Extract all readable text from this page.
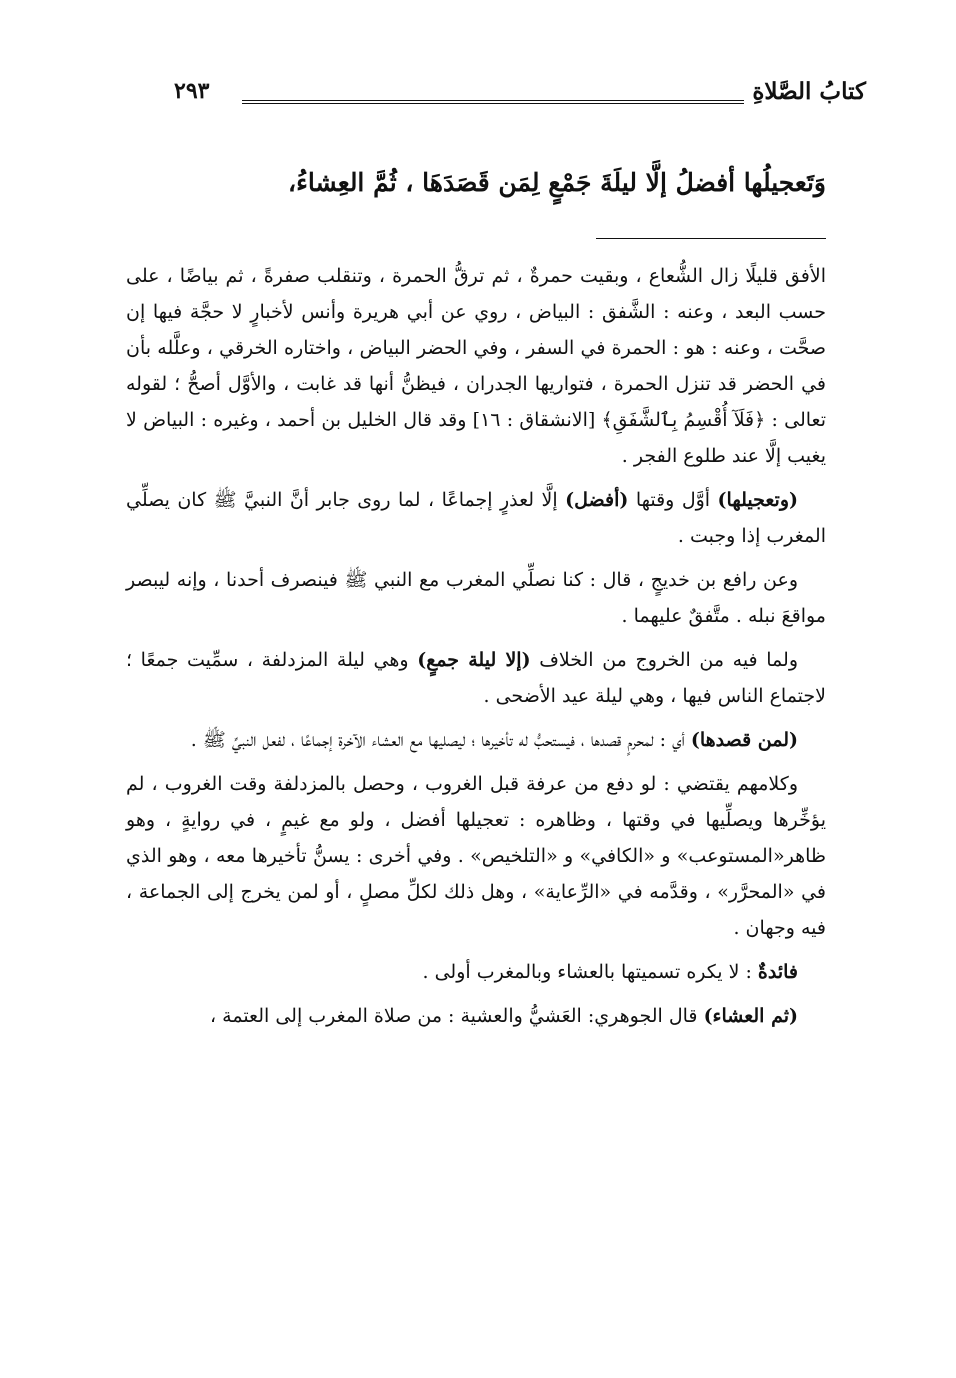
كتابُ الصَّلاةِ
٢٩٣
وَتَعجيلُها أفضلُ إلَّا ليلَةَ جَمْعٍ لِمَن قَصَدَهَا ، ثُمَّ العِشاءُ،

الأفق قليلًا زال الشُّعاع ، وبقيت حمرةٌ ، ثم ترقُّ الحمرة ، وتنقلب صفرةً ، ثم بياضًا ، على حسب البعد ، وعنه : الشَّفق : البياض ، روي عن أبي هريرة وأنس لأخبارٍ لا حجَّة فيها إن صحَّت ، وعنه : هو : الحمرة في السفر ، وفي الحضر البياض ، واختاره الخرقي ، وعلَّله بأن في الحضر قد تنزل الحمرة ، فتواريها الجدران ، فيظنُّ أنها قد غابت ، والأوَّل أصحُّ ؛ لقوله تعالى : ﴿فَلَآ أُقْسِمُ بِٱلشَّفَقِ﴾ [الانشقاق : ١٦] وقد قال الخليل بن أحمد ، وغيره : البياض لا يغيب إلَّا عند طلوع الفجر .

(وتعجيلها) أوَّل وقتها (أفضل) إلَّا لعذرٍ إجماعًا ، لما روى جابر أنَّ النبيَّ ﷺ كان يصلِّي المغرب إذا وجبت .

وعن رافع بن خديجٍ ، قال : كنا نصلِّي المغرب مع النبي ﷺ فينصرف أحدنا ، وإنه ليبصر مواقعَ نبله . متَّفقٌ عليهما .

ولما فيه من الخروج من الخلاف (إلا ليلة جمعٍ) وهي ليلة المزدلفة ، سمِّيت جمعًا ؛ لاجتماع الناس فيها ، وهي ليلة عيد الأضحى .

(لمن قصدها) أي : لمحرمٍ قصدها ، فيستحبُّ له تأخيرها ؛ ليصليها مع العشاء الآخرة إجماعًا ، لفعل النبيِّ ﷺ .

وكلامهم يقتضي : لو دفع من عرفة قبل الغروب ، وحصل بالمزدلفة وقت الغروب ، لم يؤخِّرها ويصلِّيها في وقتها ، وظاهره : تعجيلها أفضل ، ولو مع غيمٍ ، في روايةٍ ، وهو ظاهر«المستوعب» و «الكافي» و «التلخيص» . وفي أخرى : يسنُّ تأخيرها معه ، وهو الذي في «المحرَّر» ، وقدَّمه في «الرِّعاية» ، وهل ذلك لكلِّ مصلٍ ، أو لمن يخرج إلى الجماعة ، فيه وجهان .

فائدةٌ : لا يكره تسميتها بالعشاء وبالمغرب أولى .

(ثم العشاء) قال الجوهري: العَشيُّ والعشية : من صلاة المغرب إلى العتمة ،
